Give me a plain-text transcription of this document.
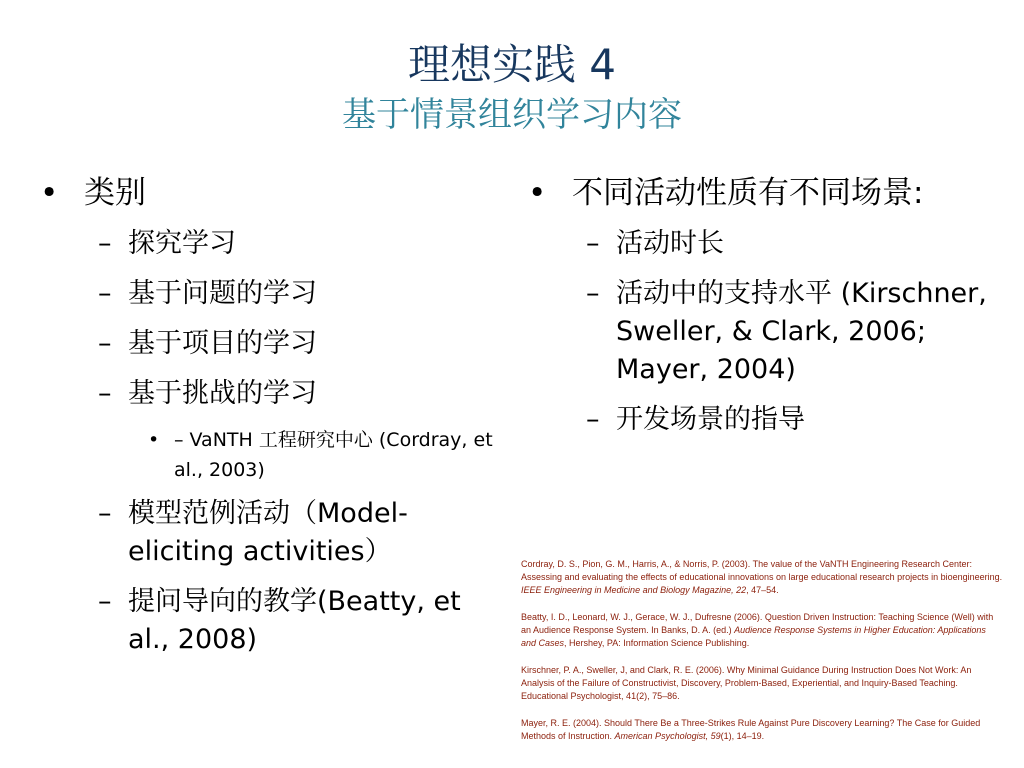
理想实践 4
基于情景组织学习内容
• 类别
– 探究学习
– 基于问题的学习
– 基于项目的学习
– 基于挑战的学习
• – VaNTH 工程研究中心 (Cordray, et al., 2003)
– 模型范例活动（Model-eliciting activities）
– 提问导向的教学(Beatty, et al., 2008)
• 不同活动性质有不同场景:
– 活动时长
– 活动中的支持水平 (Kirschner, Sweller, & Clark, 2006; Mayer, 2004)
– 开发场景的指导

Cordray, D. S., Pion, G. M., Harris, A., & Norris, P. (2003). The value of the VaNTH Engineering Research Center: Assessing and evaluating the effects of educational innovations on large educational research projects in bioengineering. IEEE Engineering in Medicine and Biology Magazine, 22, 47–54.

Beatty, I. D., Leonard, W. J., Gerace, W. J., Dufresne (2006). Question Driven Instruction: Teaching Science (Well) with an Audience Response System. In Banks, D. A. (ed.) Audience Response Systems in Higher Education: Applications and Cases, Hershey, PA: Information Science Publishing.

Kirschner, P. A., Sweller, J, and Clark, R. E. (2006). Why Minimal Guidance During Instruction Does Not Work: An Analysis of the Failure of Constructivist, Discovery, Problem-Based, Experiential, and Inquiry-Based Teaching. Educational Psychologist, 41(2), 75–86.

Mayer, R. E. (2004). Should There Be a Three-Strikes Rule Against Pure Discovery Learning? The Case for Guided Methods of Instruction. American Psychologist, 59(1), 14–19.
